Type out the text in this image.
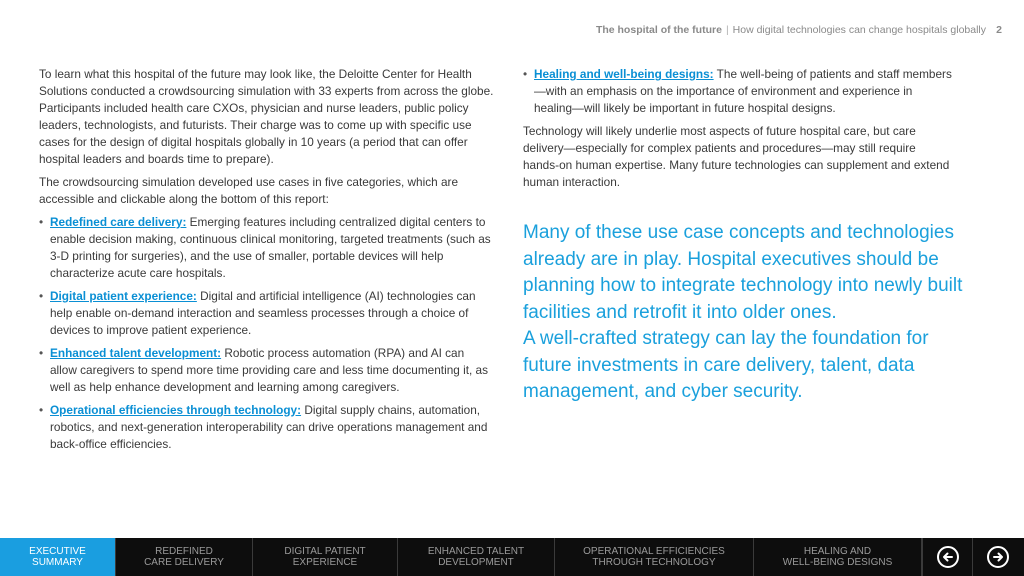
The hospital of the future | How digital technologies can change hospitals globally 2

To learn what this hospital of the future may look like, the Deloitte Center for Health Solutions conducted a crowdsourcing simulation with 33 experts from across the globe. Participants included health care CXOs, physician and nurse leaders, public policy leaders, technologists, and futurists. Their charge was to come up with specific use cases for the design of digital hospitals globally in 10 years (a period that can offer hospital leaders and boards time to prepare).

The crowdsourcing simulation developed use cases in five categories, which are accessible and clickable along the bottom of this report:

• Redefined care delivery: Emerging features including centralized digital centers to enable decision making, continuous clinical monitoring, targeted treatments (such as 3-D printing for surgeries), and the use of smaller, portable devices will help characterize acute care hospitals.
• Digital patient experience: Digital and artificial intelligence (AI) technologies can help enable on-demand interaction and seamless processes through a choice of devices to improve patient experience.
• Enhanced talent development: Robotic process automation (RPA) and AI can allow caregivers to spend more time providing care and less time documenting it, as well as help enhance development and learning among caregivers.
• Operational efficiencies through technology: Digital supply chains, automation, robotics, and next-generation interoperability can drive operations management and back-office efficiencies.
• Healing and well-being designs: The well-being of patients and staff members—with an emphasis on the importance of environment and experience in healing—will likely be important in future hospital designs.

Technology will likely underlie most aspects of future hospital care, but care delivery—especially for complex patients and procedures—may still require hands-on human expertise. Many future technologies can supplement and extend human interaction.

Many of these use case concepts and technologies already are in play. Hospital executives should be planning how to integrate technology into newly built facilities and retrofit it into older ones.

A well-crafted strategy can lay the foundation for future investments in care delivery, talent, data management, and cyber security.

EXECUTIVE
SUMMARY
REDEFINED
CARE DELIVERY
DIGITAL PATIENT
EXPERIENCE
ENHANCED TALENT
DEVELOPMENT
OPERATIONAL EFFICIENCIES
THROUGH TECHNOLOGY
HEALING AND
WELL-BEING DESIGNS
